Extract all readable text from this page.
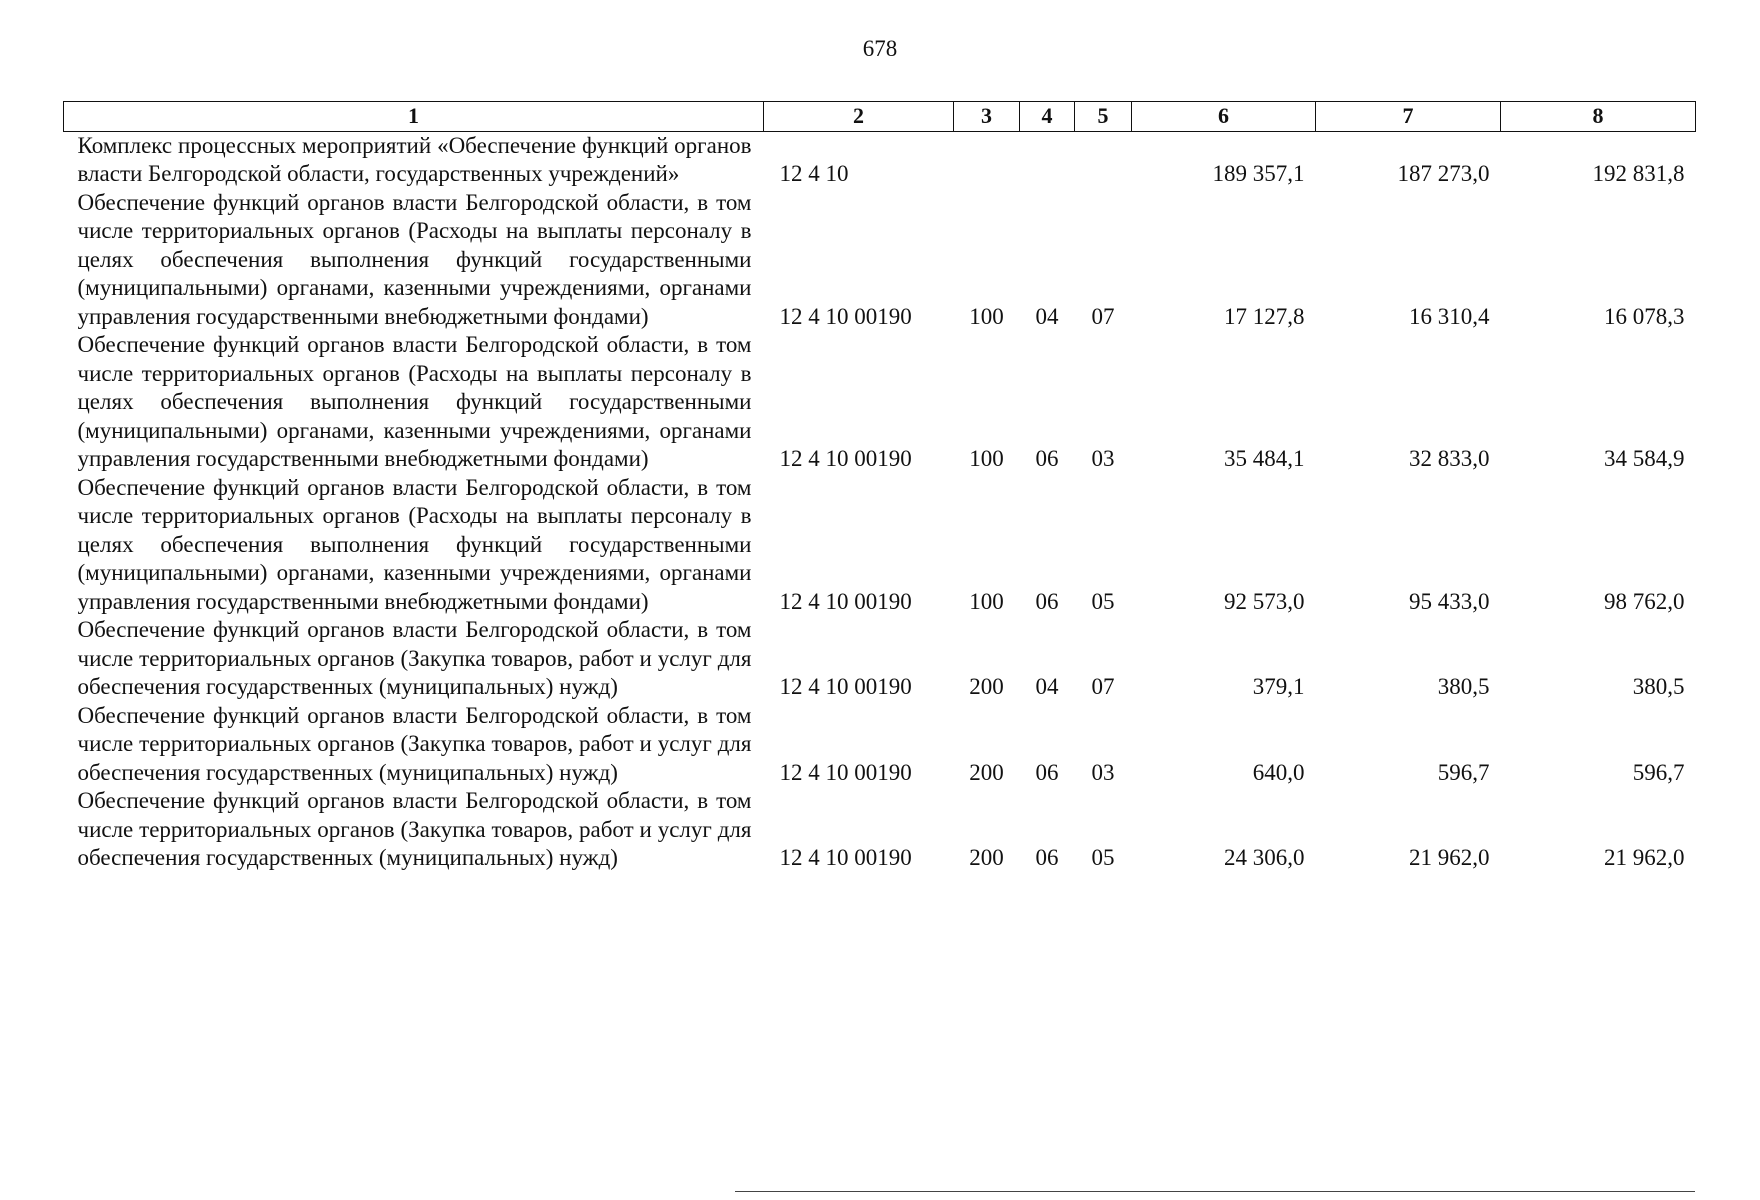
678
1	2	3	4	5	6	7	8
Комплекс процессных мероприятий «Обеспечение функций органов власти Белгородской области, государственных учреждений»	12 4 10				189 357,1	187 273,0	192 831,8
Обеспечение функций органов власти Белгородской области, в том числе территориальных органов (Расходы на выплаты персоналу в целях обеспечения выполнения функций государственными (муниципальными) органами, казенными учреждениями, органами управления государственными внебюджетными фондами)	12 4 10 00190	100	04	07	17 127,8	16 310,4	16 078,3
Обеспечение функций органов власти Белгородской области, в том числе территориальных органов (Расходы на выплаты персоналу в целях обеспечения выполнения функций государственными (муниципальными) органами, казенными учреждениями, органами управления государственными внебюджетными фондами)	12 4 10 00190	100	06	03	35 484,1	32 833,0	34 584,9
Обеспечение функций органов власти Белгородской области, в том числе территориальных органов (Расходы на выплаты персоналу в целях обеспечения выполнения функций государственными (муниципальными) органами, казенными учреждениями, органами управления государственными внебюджетными фондами)	12 4 10 00190	100	06	05	92 573,0	95 433,0	98 762,0
Обеспечение функций органов власти Белгородской области, в том числе территориальных органов (Закупка товаров, работ и услуг для обеспечения государственных (муниципальных) нужд)	12 4 10 00190	200	04	07	379,1	380,5	380,5
Обеспечение функций органов власти Белгородской области, в том числе территориальных органов (Закупка товаров, работ и услуг для обеспечения государственных (муниципальных) нужд)	12 4 10 00190	200	06	03	640,0	596,7	596,7
Обеспечение функций органов власти Белгородской области, в том числе территориальных органов (Закупка товаров, работ и услуг для обеспечения государственных (муниципальных) нужд)	12 4 10 00190	200	06	05	24 306,0	21 962,0	21 962,0
